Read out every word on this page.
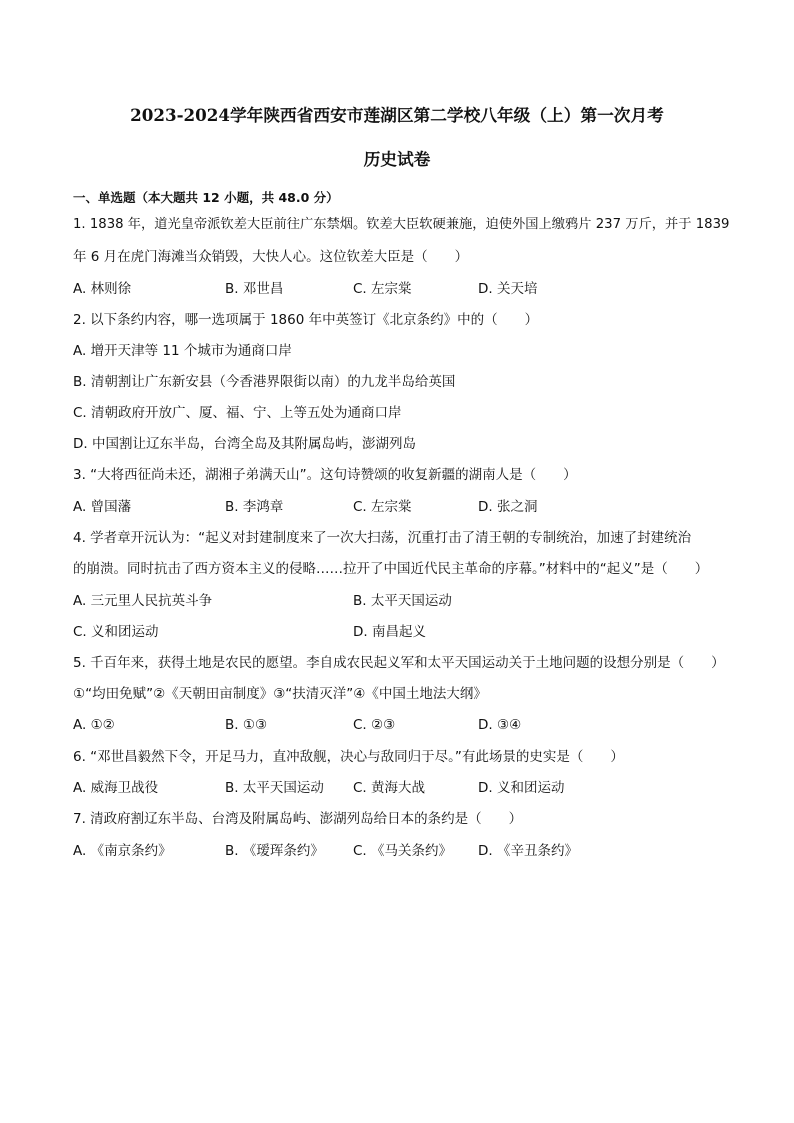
2023-2024学年陕西省西安市莲湖区第二学校八年级（上）第一次月考
历史试卷
一、单选题（本大题共 12 小题，共 48.0 分）
1. 1838 年，道光皇帝派钦差大臣前往广东禁烟。钦差大臣软硬兼施，迫使外国上缴鸦片 237 万斤，并于 1839
年 6 月在虎门海滩当众销毁，大快人心。这位钦差大臣是（　　）
A. 林则徐	B. 邓世昌	C. 左宗棠	D. 关天培
2. 以下条约内容，哪一选项属于 1860 年中英签订《北京条约》中的（　　）
A. 增开天津等 11 个城市为通商口岸
B. 清朝割让广东新安县（今香港界限街以南）的九龙半岛给英国
C. 清朝政府开放广、厦、福、宁、上等五处为通商口岸
D. 中国割让辽东半岛，台湾全岛及其附属岛屿，澎湖列岛
3. “大将西征尚未还，湖湘子弟满天山”。这句诗赞颂的收复新疆的湖南人是（　　）
A. 曾国藩	B. 李鸿章	C. 左宗棠	D. 张之洞
4. 学者章开沅认为：“起义对封建制度来了一次大扫荡，沉重打击了清王朝的专制统治，加速了封建统治
的崩溃。同时抗击了西方资本主义的侵略……拉开了中国近代民主革命的序幕。”材料中的“起义”是（　　）
A. 三元里人民抗英斗争	B. 太平天国运动
C. 义和团运动	D. 南昌起义
5. 千百年来，获得土地是农民的愿望。李自成农民起义军和太平天国运动关于土地问题的设想分别是（　　）
①“均田免赋”②《天朝田亩制度》③“扶清灭洋”④《中国土地法大纲》
A. ①②	B. ①③	C. ②③	D. ③④
6. “邓世昌毅然下令，开足马力，直冲敌舰，决心与敌同归于尽。”有此场景的史实是（　　）
A. 威海卫战役	B. 太平天国运动 C. 黄海大战	D. 义和团运动
7. 清政府割辽东半岛、台湾及附属岛屿、澎湖列岛给日本的条约是（　　）
A. 《南京条约》	B. 《瑷珲条约》 C. 《马关条约》 D. 《辛丑条约》
